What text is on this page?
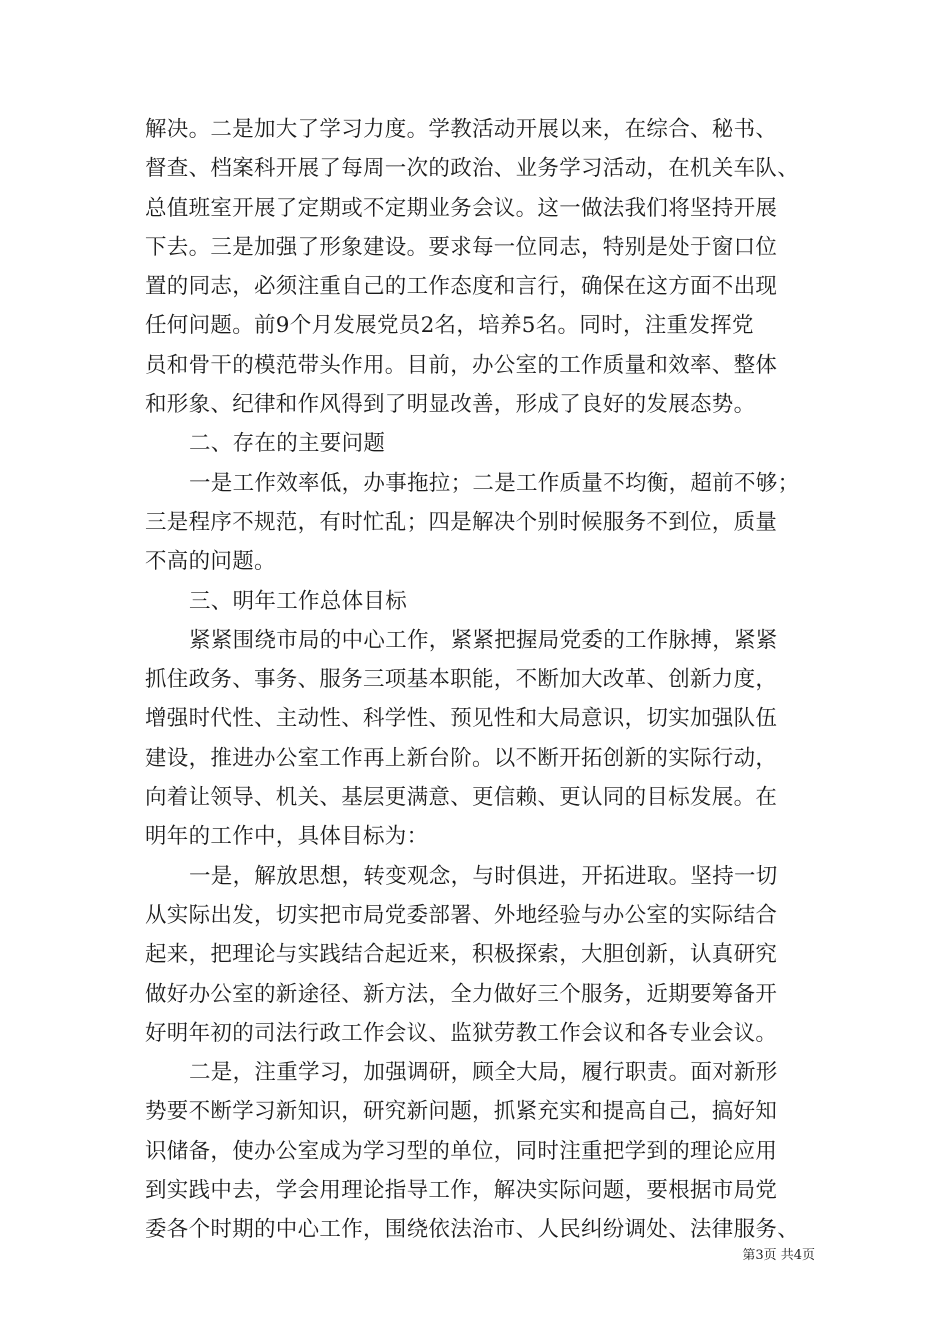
解决。二是加大了学习力度。学教活动开展以来，在综合、秘书、
督查、档案科开展了每周一次的政治、业务学习活动，在机关车队、
总值班室开展了定期或不定期业务会议。这一做法我们将坚持开展
下去。三是加强了形象建设。要求每一位同志，特别是处于窗口位
置的同志，必须注重自己的工作态度和言行，确保在这方面不出现
任何问题。前9个月发展党员2名，培养5名。同时，注重发挥党
员和骨干的模范带头作用。目前，办公室的工作质量和效率、整体
和形象、纪律和作风得到了明显改善，形成了良好的发展态势。
二、存在的主要问题
一是工作效率低，办事拖拉；二是工作质量不均衡，超前不够；
三是程序不规范，有时忙乱；四是解决个别时候服务不到位，质量
不高的问题。
三、明年工作总体目标
紧紧围绕市局的中心工作，紧紧把握局党委的工作脉搏，紧紧
抓住政务、事务、服务三项基本职能，不断加大改革、创新力度，
增强时代性、主动性、科学性、预见性和大局意识，切实加强队伍
建设，推进办公室工作再上新台阶。以不断开拓创新的实际行动，
向着让领导、机关、基层更满意、更信赖、更认同的目标发展。在
明年的工作中，具体目标为：
一是，解放思想，转变观念，与时俱进，开拓进取。坚持一切
从实际出发，切实把市局党委部署、外地经验与办公室的实际结合
起来，把理论与实践结合起近来，积极探索，大胆创新，认真研究
做好办公室的新途径、新方法，全力做好三个服务，近期要筹备开
好明年初的司法行政工作会议、监狱劳教工作会议和各专业会议。
二是，注重学习，加强调研，顾全大局，履行职责。面对新形
势要不断学习新知识，研究新问题，抓紧充实和提高自己，搞好知
识储备，使办公室成为学习型的单位，同时注重把学到的理论应用
到实践中去，学会用理论指导工作，解决实际问题，要根据市局党
委各个时期的中心工作，围绕依法治市、人民纠纷调处、法律服务、
第3页 共4页
